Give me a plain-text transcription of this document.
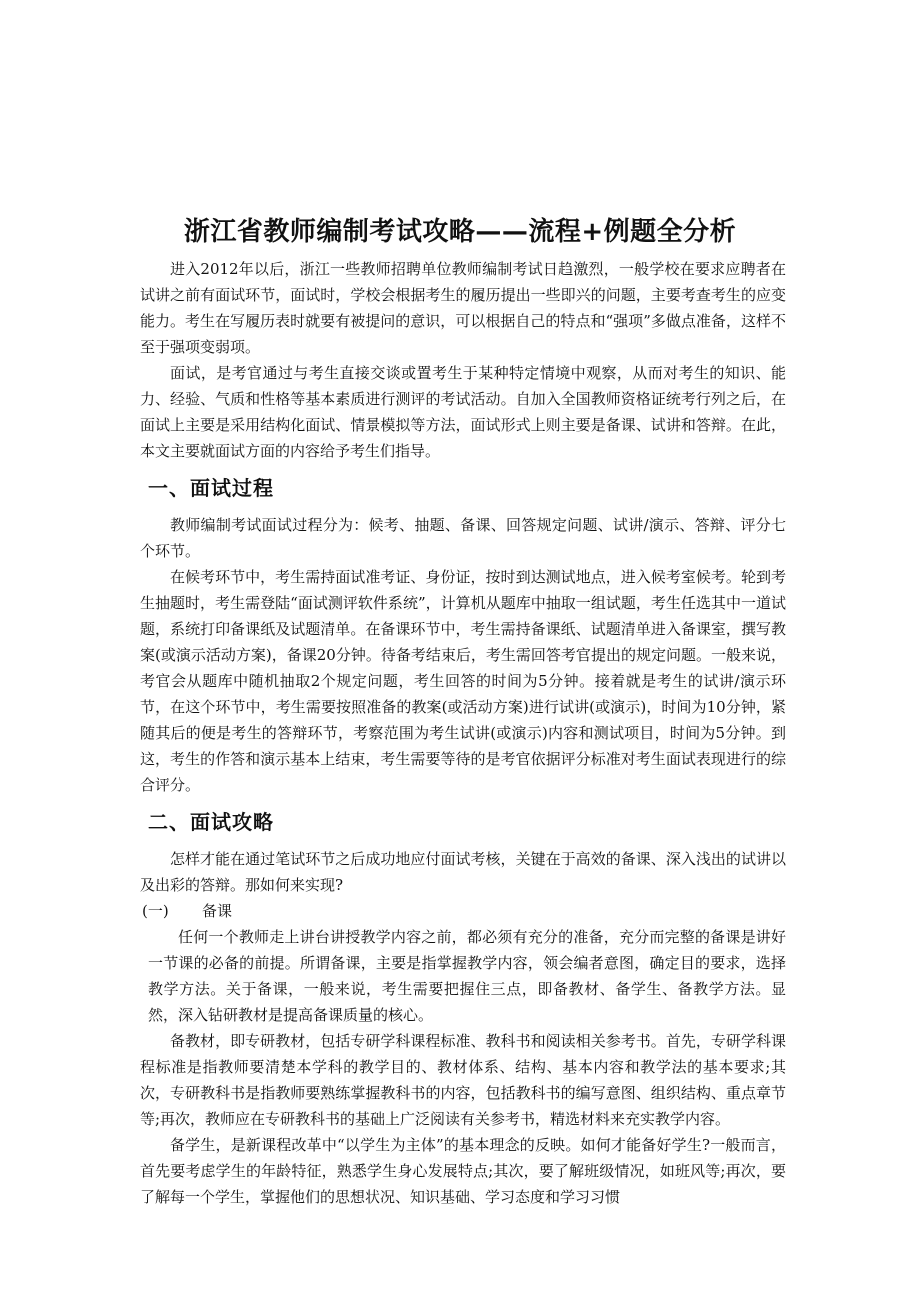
浙江省教师编制考试攻略——流程+例题全分析

进入2012年以后，浙江一些教师招聘单位教师编制考试日趋激烈，一般学校在要求应聘者在试讲之前有面试环节，面试时，学校会根据考生的履历提出一些即兴的问题，主要考查考生的应变能力。考生在写履历表时就要有被提问的意识，可以根据自己的特点和“强项”多做点准备，这样不至于强项变弱项。

面试，是考官通过与考生直接交谈或置考生于某种特定情境中观察，从而对考生的知识、能力、经验、气质和性格等基本素质进行测评的考试活动。自加入全国教师资格证统考行列之后，在面试上主要是采用结构化面试、情景模拟等方法，面试形式上则主要是备课、试讲和答辩。在此，本文主要就面试方面的内容给予考生们指导。

一、面试过程

教师编制考试面试过程分为：候考、抽题、备课、回答规定问题、试讲/演示、答辩、评分七个环节。

在候考环节中，考生需持面试准考证、身份证，按时到达测试地点，进入候考室候考。轮到考生抽题时，考生需登陆“面试测评软件系统”，计算机从题库中抽取一组试题，考生任选其中一道试题，系统打印备课纸及试题清单。在备课环节中，考生需持备课纸、试题清单进入备课室，撰写教案(或演示活动方案)，备课20分钟。待备考结束后，考生需回答考官提出的规定问题。一般来说，考官会从题库中随机抽取2个规定问题，考生回答的时间为5分钟。接着就是考生的试讲/演示环节，在这个环节中，考生需要按照准备的教案(或活动方案)进行试讲(或演示)，时间为10分钟，紧随其后的便是考生的答辩环节，考察范围为考生试讲(或演示)内容和测试项目，时间为5分钟。到这，考生的作答和演示基本上结束，考生需要等待的是考官依据评分标准对考生面试表现进行的综合评分。

二、面试攻略

怎样才能在通过笔试环节之后成功地应付面试考核，关键在于高效的备课、深入浅出的试讲以及出彩的答辩。那如何来实现?

(一) 备课

任何一个教师走上讲台讲授教学内容之前，都必须有充分的准备，充分而完整的备课是讲好一节课的必备的前提。所谓备课，主要是指掌握教学内容，领会编者意图，确定目的要求，选择教学方法。关于备课，一般来说，考生需要把握住三点，即备教材、备学生、备教学方法。显然，深入钻研教材是提高备课质量的核心。

备教材，即专研教材，包括专研学科课程标准、教科书和阅读相关参考书。首先，专研学科课程标准是指教师要清楚本学科的教学目的、教材体系、结构、基本内容和教学法的基本要求;其次，专研教科书是指教师要熟练掌握教科书的内容，包括教科书的编写意图、组织结构、重点章节等;再次，教师应在专研教科书的基础上广泛阅读有关参考书，精选材料来充实教学内容。

备学生，是新课程改革中“以学生为主体”的基本理念的反映。如何才能备好学生?一般而言，首先要考虑学生的年龄特征，熟悉学生身心发展特点;其次，要了解班级情况，如班风等;再次，要了解每一个学生，掌握他们的思想状况、知识基础、学习态度和学习习惯
